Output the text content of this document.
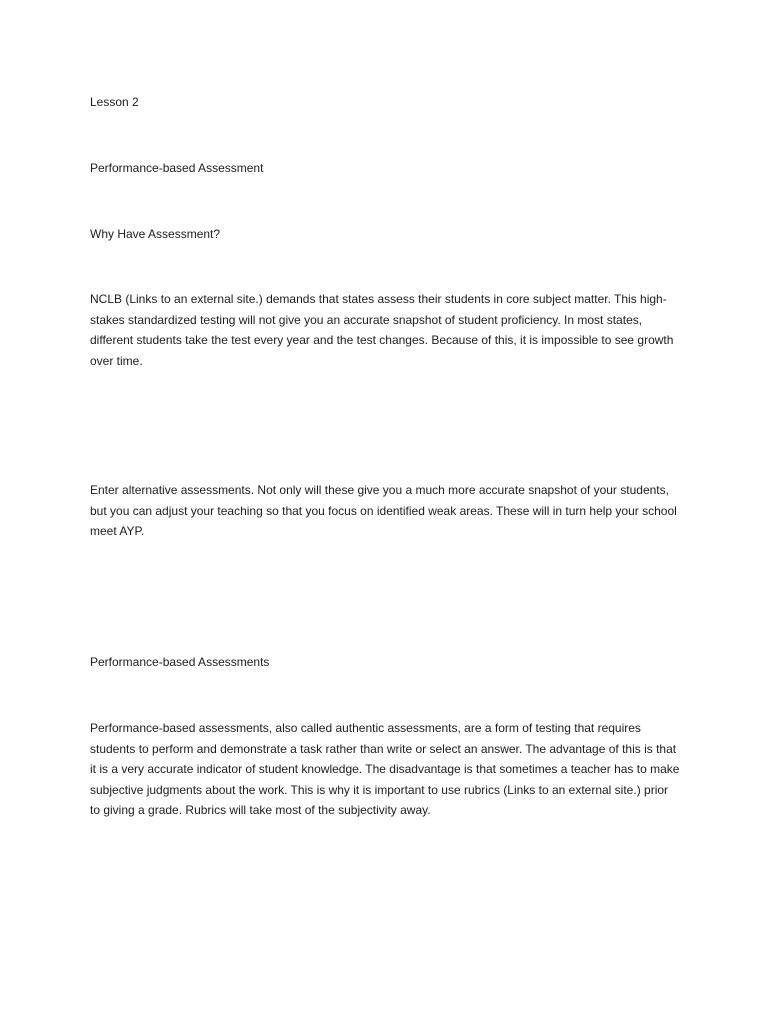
Lesson 2

Performance-based Assessment

Why Have Assessment?

NCLB (Links to an external site.) demands that states assess their students in core subject matter. This high-stakes standardized testing will not give you an accurate snapshot of student proficiency. In most states, different students take the test every year and the test changes. Because of this, it is impossible to see growth over time.

Enter alternative assessments. Not only will these give you a much more accurate snapshot of your students, but you can adjust your teaching so that you focus on identified weak areas. These will in turn help your school meet AYP.

Performance-based Assessments

Performance-based assessments, also called authentic assessments, are a form of testing that requires students to perform and demonstrate a task rather than write or select an answer. The advantage of this is that it is a very accurate indicator of student knowledge. The disadvantage is that sometimes a teacher has to make subjective judgments about the work. This is why it is important to use rubrics (Links to an external site.) prior to giving a grade. Rubrics will take most of the subjectivity away.
